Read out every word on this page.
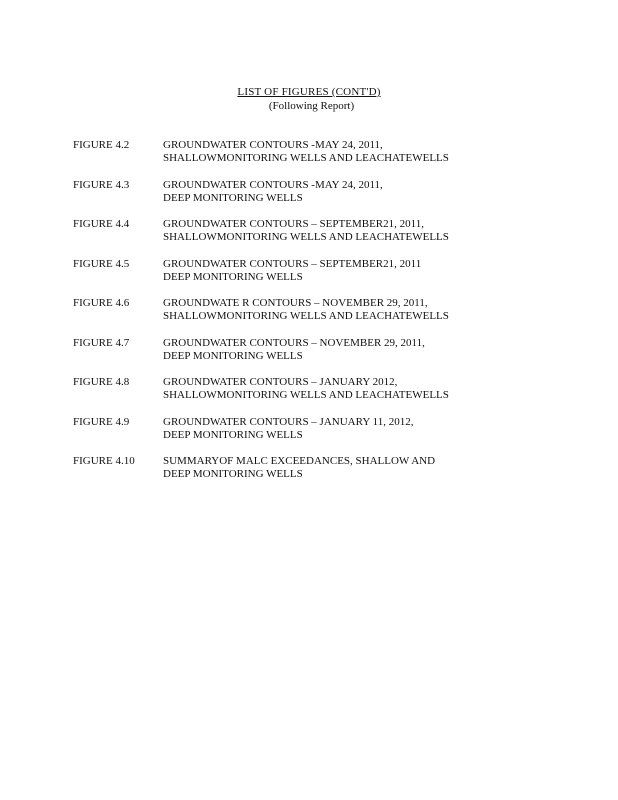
LIST OF FIGURES (CONT'D)
(Following Report)
FIGURE 4.2	GROUNDWATER CONTOURS -MAY 24, 2011,
SHALLOWMONITORING WELLS AND LEACHATEWELLS
FIGURE 4.3	GROUNDWATER CONTOURS -MAY 24, 2011,
DEEP MONITORING WELLS
FIGURE 4.4	GROUNDWATER CONTOURS – SEPTEMBER21, 2011,
SHALLOWMONITORING WELLS AND LEACHATEWELLS
FIGURE 4.5	GROUNDWATER CONTOURS – SEPTEMBER21, 2011
DEEP MONITORING WELLS
FIGURE 4.6	GROUNDWATE R CONTOURS – NOVEMBER 29, 2011,
SHALLOWMONITORING WELLS AND LEACHATEWELLS
FIGURE 4.7	GROUNDWATER CONTOURS – NOVEMBER 29, 2011,
DEEP MONITORING WELLS
FIGURE 4.8	GROUNDWATER CONTOURS – JANUARY 2012,
SHALLOWMONITORING WELLS AND LEACHATEWELLS
FIGURE 4.9	GROUNDWATER CONTOURS – JANUARY 11, 2012,
DEEP MONITORING WELLS
FIGURE 4.10	SUMMARYOF MALC EXCEEDANCES, SHALLOW AND
DEEP MONITORING WELLS
